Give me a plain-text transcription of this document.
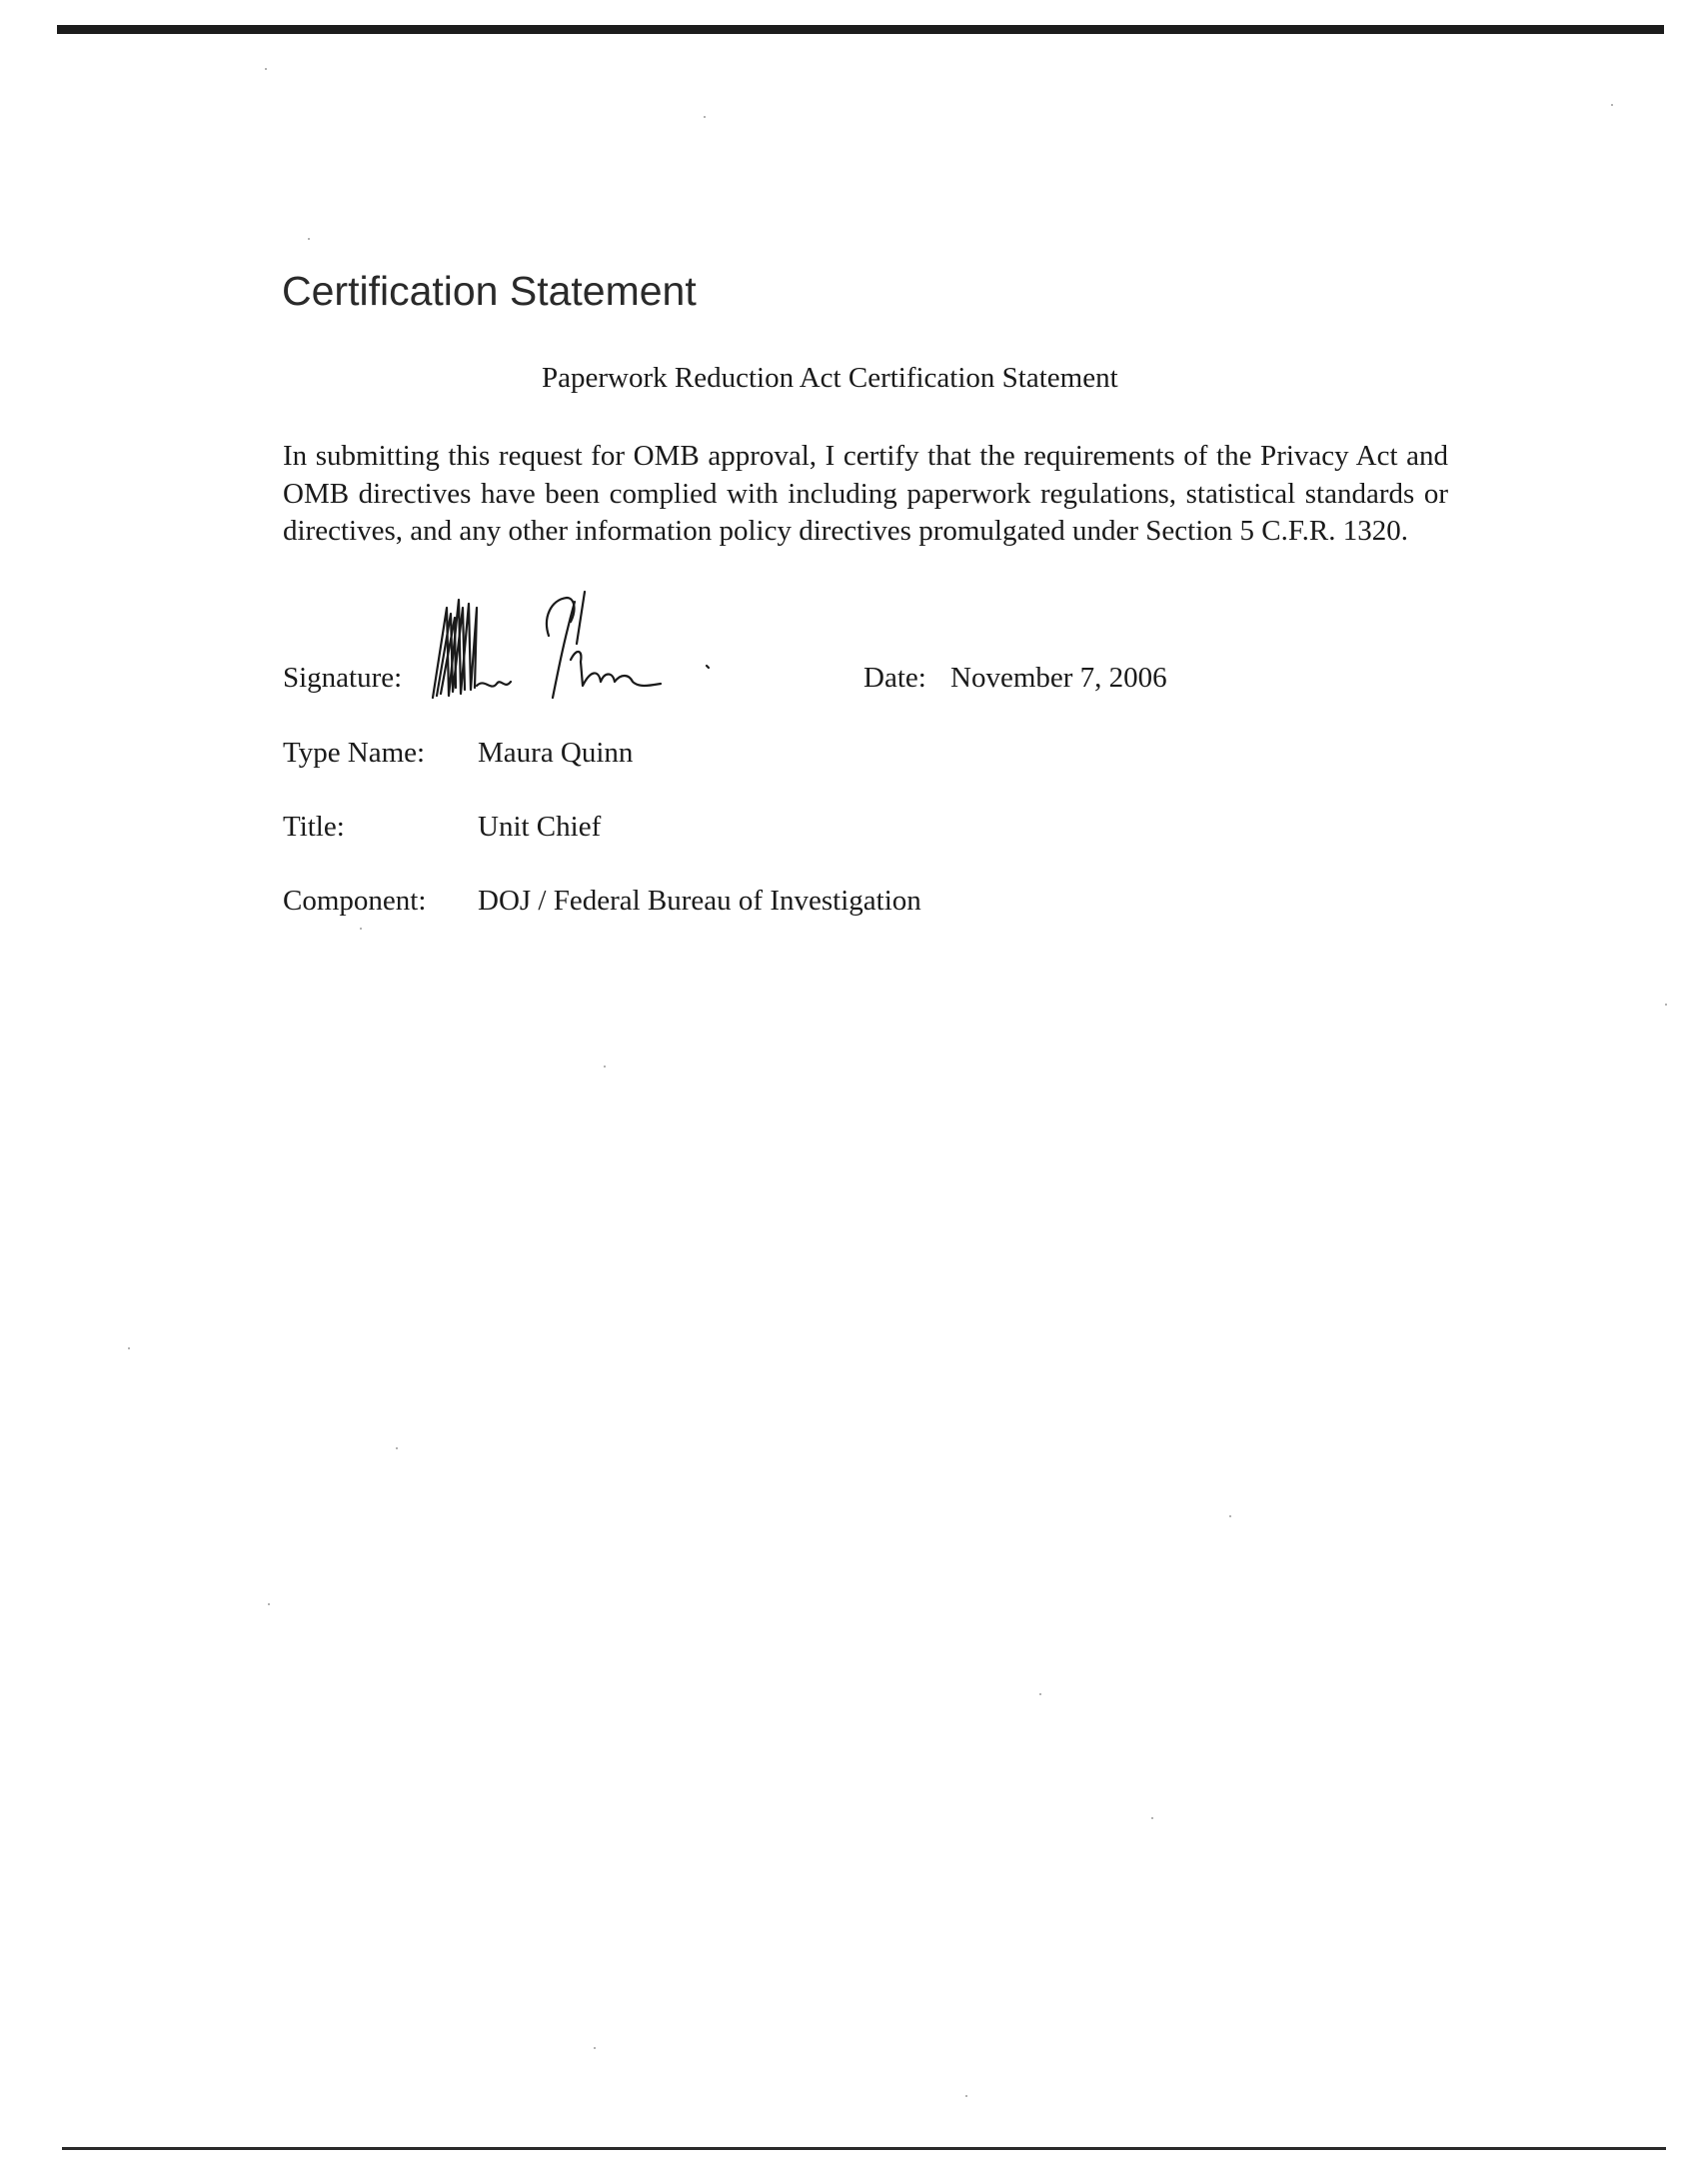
Certification Statement
Paperwork Reduction Act Certification Statement
In submitting this request for OMB approval, I certify that the requirements of the Privacy Act and OMB directives have been complied with including paperwork regulations, statistical standards or directives, and any other information policy directives promulgated under Section 5 C.F.R. 1320.
Signature:	Date: November 7, 2006
Type Name: Maura Quinn
Title:	Unit Chief
Component: DOJ / Federal Bureau of Investigation
